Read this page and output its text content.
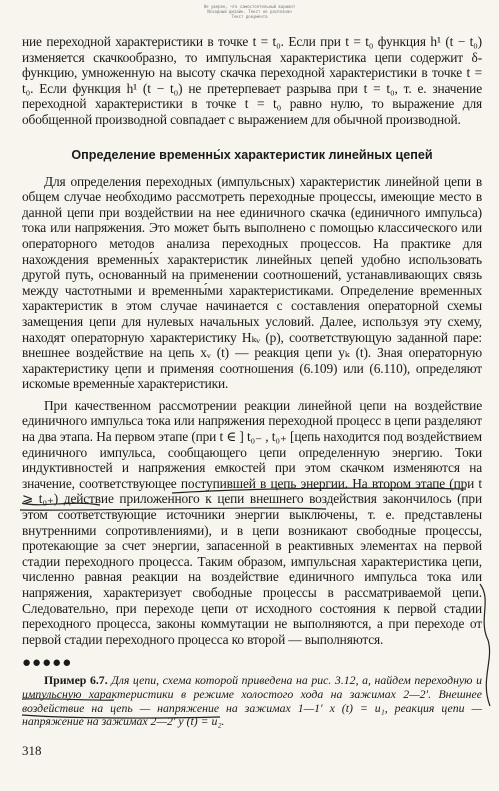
Не уверен, что самостоятельный вариант
Исходный дизайн. Текст не распознан
Текст документа

ние переходной характеристики в точке t = t₀. Если при t = t₀ функция h¹ (t − t₀) изменяется скачкообразно, то импульсная характеристика цепи содержит δ-функцию, умноженную на высоту скачка переходной характеристики в точке t = t₀. Если функция h¹ (t − t₀) не претерпевает разрыва при t = t₀, т. е. значение переходной характеристики в точке t = t₀ равно нулю, то выражение для обобщенной производной совпадает с выражением для обычной производной.

Определение временны́х характеристик линейных цепей

Для определения переходных (импульсных) характеристик линейной цепи в общем случае необходимо рассмотреть переходные процессы, имеющие место в данной цепи при воздействии на нее единичного скачка (единичного импульса) тока или напряжения. Это может быть выполнено с помощью классического или операторного методов анализа переходных процессов. На практике для нахождения временны́х характеристик линейных цепей удобно использовать другой путь, основанный на применении соотношений, устанавливающих связь между частотными и временны́ми характеристиками. Определение временных характеристик в этом случае начинается с составления операторной схемы замещения цепи для нулевых начальных условий. Далее, используя эту схему, находят операторную характеристику Hₖᵥ (p), соответствующую заданной паре: внешнее воздействие на цепь xᵥ (t) — реакция цепи yₖ (t). Зная операторную характеристику цепи и применяя соотношения (6.109) или (6.110), определяют искомые временны́е характеристики.

При качественном рассмотрении реакции линейной цепи на воздействие единичного импульса тока или напряжения переходной процесс в цепи разделяют на два этапа. На первом этапе (при t ∈ ] t₀₋ , t₀₊ [цепь находится под воздействием единичного импульса, сообщающего цепи определенную энергию. Токи индуктивностей и напряжения емкостей при этом скачком изменяются на значение, соответствующее поступившей в цепь энергии. На втором этапе (при t ⩾ t₀₊) действие приложенного к цепи внешнего воздействия закончилось (при этом соответствующие источники энергии выключены, т. е. представлены внутренними сопротивлениями), и в цепи возникают свободные процессы, протекающие за счет энергии, запасенной в реактивных элементах на первой стадии переходного процесса. Таким образом, импульсная характеристика цепи, численно равная реакции на воздействие единичного импульса тока или напряжения, характеризует свободные процессы в рассматриваемой цепи. Следовательно, при переходе цепи от исходного состояния к первой стадии переходного процесса, законы коммутации не выполняются, а при переходе от первой стадии переходного процесса ко второй — выполняются.

●●●●●

Пример 6.7. Для цепи, схема которой приведена на рис. 3.12, а, найдем переходную и импульсную характеристики в режиме холостого хода на зажимах 2—2′. Внешнее воздействие на цепь — напряжение на зажимах 1—1′ x (t) = u₁, реакция цепи — напряжение на зажимах 2—2′ y (t) = u₂.

318
